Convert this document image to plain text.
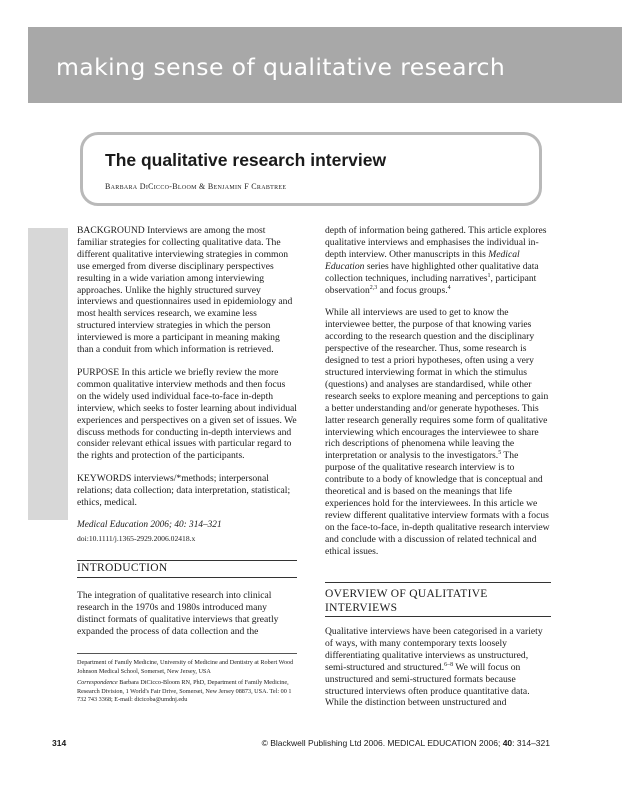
making sense of qualitative research
The qualitative research interview
Barbara DiCicco-Bloom & Benjamin F Crabtree

BACKGROUND Interviews are among the most familiar strategies for collecting qualitative data. The different qualitative interviewing strategies in common use emerged from diverse disciplinary perspectives resulting in a wide variation among interviewing approaches. Unlike the highly structured survey interviews and questionnaires used in epidemiology and most health services research, we examine less structured interview strategies in which the person interviewed is more a participant in meaning making than a conduit from which information is retrieved.

PURPOSE In this article we briefly review the more common qualitative interview methods and then focus on the widely used individual face-to-face in-depth interview, which seeks to foster learning about individual experiences and perspectives on a given set of issues. We discuss methods for conducting in-depth interviews and consider relevant ethical issues with particular regard to the rights and protection of the participants.

KEYWORDS interviews/*methods; interpersonal relations; data collection; data interpretation, statistical; ethics, medical.

Medical Education 2006; 40: 314–321
doi:10.1111/j.1365-2929.2006.02418.x
INTRODUCTION
The integration of qualitative research into clinical research in the 1970s and 1980s introduced many distinct formats of qualitative interviews that greatly expanded the process of data collection and the
Department of Family Medicine, University of Medicine and Dentistry at Robert Wood Johnson Medical School, Somerset, New Jersey, USA
Correspondence Barbara DiCicco-Bloom RN, PhD, Department of Family Medicine, Research Division, 1 World's Fair Drive, Somerset, New Jersey 08873, USA. Tel: 00 1 732 743 3368; E-mail: dicicoba@umdnj.edu

depth of information being gathered. This article explores qualitative interviews and emphasises the individual in-depth interview. Other manuscripts in this Medical Education series have highlighted other qualitative data collection techniques, including narratives$^1$, participant observation$^{2,3}$ and focus groups.$^4$

While all interviews are used to get to know the interviewee better, the purpose of that knowing varies according to the research question and the disciplinary perspective of the researcher. Thus, some research is designed to test a priori hypotheses, often using a very structured interviewing format in which the stimulus (questions) and analyses are standardised, while other research seeks to explore meaning and perceptions to gain a better understanding and/or generate hypotheses. This latter research generally requires some form of qualitative interviewing which encourages the interviewee to share rich descriptions of phenomena while leaving the interpretation or analysis to the investigators.$^5$ The purpose of the qualitative research interview is to contribute to a body of knowledge that is conceptual and theoretical and is based on the meanings that life experiences hold for the interviewees. In this article we review different qualitative interview formats with a focus on the face-to-face, in-depth qualitative research interview and conclude with a discussion of related technical and ethical issues.

OVERVIEW OF QUALITATIVE INTERVIEWS
Qualitative interviews have been categorised in a variety of ways, with many contemporary texts loosely differentiating qualitative interviews as unstructured, semi-structured and structured.$^{6-8}$ We will focus on unstructured and semi-structured formats because structured interviews often produce quantitative data. While the distinction between unstructured and
314	© Blackwell Publishing Ltd 2006. MEDICAL EDUCATION 2006; 40: 314–321
